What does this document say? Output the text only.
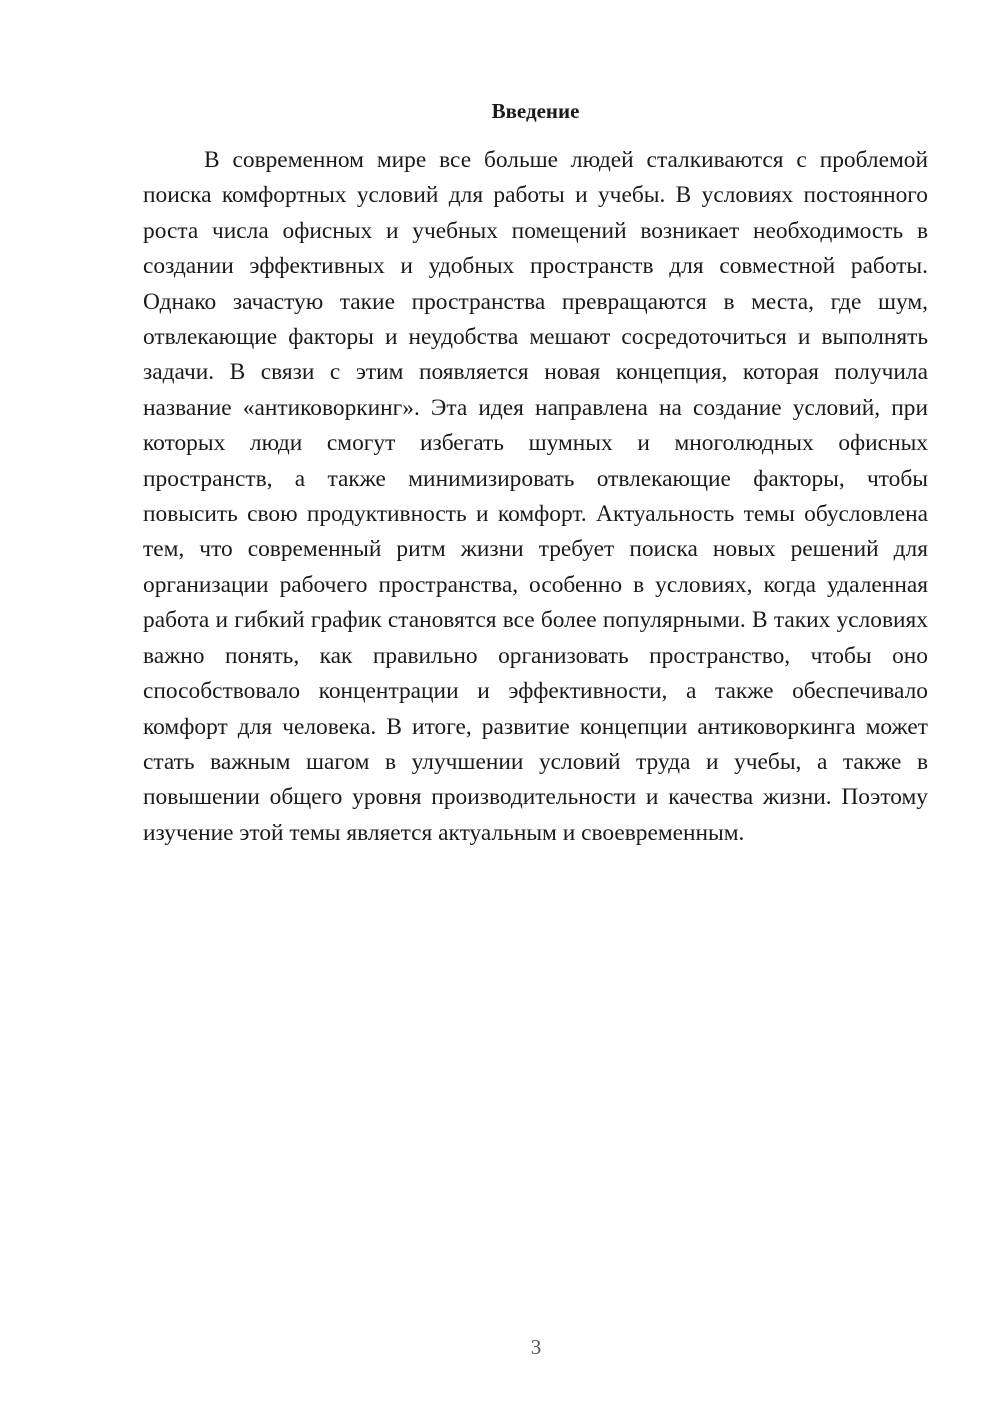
Введение

В современном мире все больше людей сталкиваются с проблемой поиска комфортных условий для работы и учебы. В условиях постоянного роста числа офисных и учебных помещений возникает необходимость в создании эффективных и удобных пространств для совместной работы. Однако зачастую такие пространства превращаются в места, где шум, отвлекающие факторы и неудобства мешают сосредоточиться и выполнять задачи. В связи с этим появляется новая концепция, которая получила название «антиковоркинг». Эта идея направлена на создание условий, при которых люди смогут избегать шумных и многолюдных офисных пространств, а также минимизировать отвлекающие факторы, чтобы повысить свою продуктивность и комфорт. Актуальность темы обусловлена тем, что современный ритм жизни требует поиска новых решений для организации рабочего пространства, особенно в условиях, когда удаленная работа и гибкий график становятся все более популярными. В таких условиях важно понять, как правильно организовать пространство, чтобы оно способствовало концентрации и эффективности, а также обеспечивало комфорт для человека. В итоге, развитие концепции антиковоркинга может стать важным шагом в улучшении условий труда и учебы, а также в повышении общего уровня производительности и качества жизни. Поэтому изучение этой темы является актуальным и своевременным.

3
